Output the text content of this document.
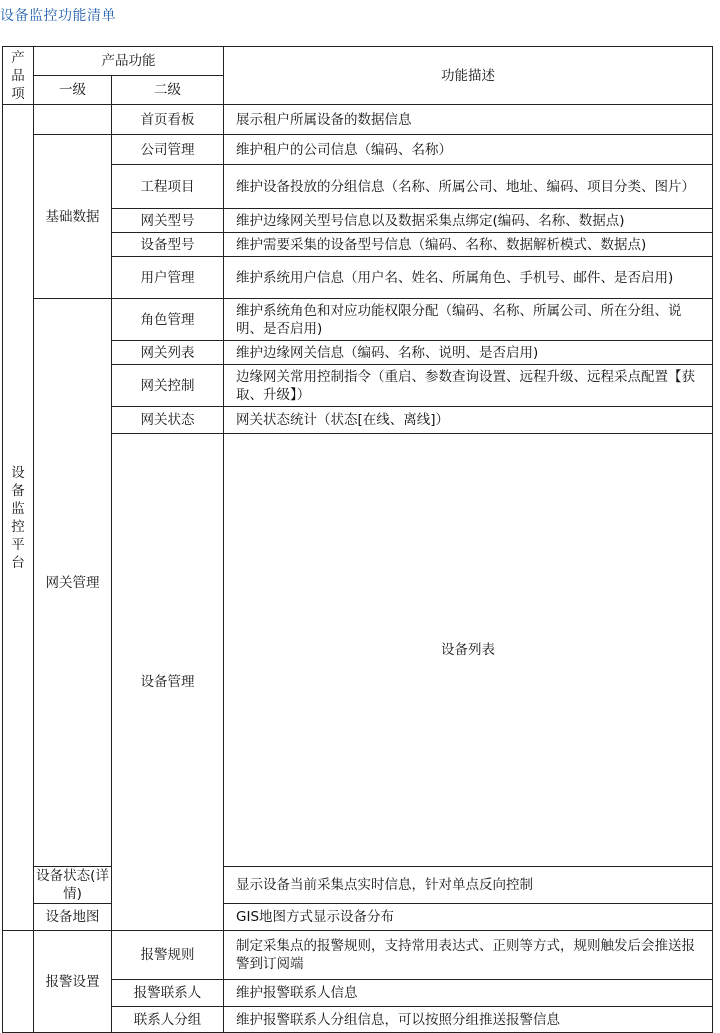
设备监控功能清单
产品项	产品功能		功能描述	
	一级	二级		

设备监控平台		首页看板	展示租户所属设备的数据信息	
	基础数据	公司管理	维护租户的公司信息（编码、名称）	
		工程项目	维护设备投放的分组信息（名称、所属公司、地址、编码、项目分类、图片）	
		网关型号	维护边缘网关型号信息以及数据采集点绑定(编码、名称、数据点)	
		设备型号	维护需要采集的设备型号信息（编码、名称、数据解析模式、数据点)	
		用户管理	维护系统用户信息（用户名、姓名、所属角色、手机号、邮件、是否启用)	
	网关管理	角色管理	维护系统角色和对应功能权限分配（编码、名称、所属公司、所在分组、说明、是否启用)	
		网关列表	维护边缘网关信息（编码、名称、说明、是否启用)	
		网关控制	边缘网关常用控制指令（重启、参数查询设置、远程升级、远程采点配置【获取、升级】）	
		网关状态	网关状态统计（状态[在线、离线]）	
		设备管理	设备列表	
	设备状态(详情)		显示设备当前采集点实时信息，针对单点反向控制	
	设备地图		GIS地图方式显示设备分布	
	报警设置	报警规则	制定采集点的报警规则，支持常用表达式、正则等方式，规则触发后会推送报警到订阅端	
		报警联系人	维护报警联系人信息	
		联系人分组	维护报警联系人分组信息，可以按照分组推送报警信息	
